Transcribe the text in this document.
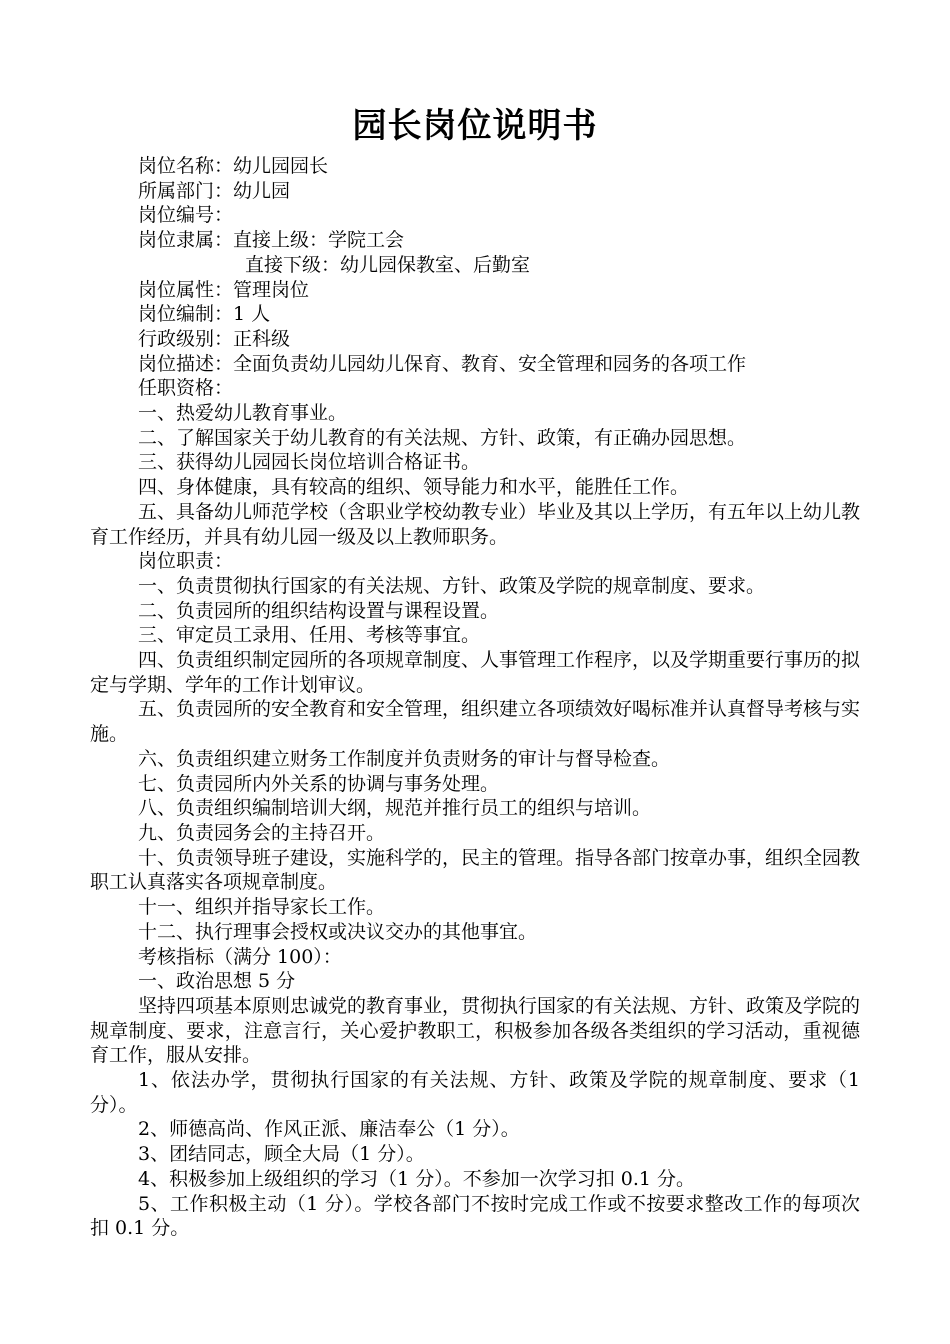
园长岗位说明书
岗位名称：幼儿园园长
所属部门：幼儿园
岗位编号：
岗位隶属：直接上级：学院工会
直接下级：幼儿园保教室、后勤室
岗位属性：管理岗位
岗位编制：1 人
行政级别：正科级
岗位描述：全面负责幼儿园幼儿保育、教育、安全管理和园务的各项工作
任职资格：

一、热爱幼儿教育事业。

二、了解国家关于幼儿教育的有关法规、方针、政策，有正确办园思想。

三、获得幼儿园园长岗位培训合格证书。

四、身体健康，具有较高的组织、领导能力和水平，能胜任工作。

五、具备幼儿师范学校（含职业学校幼教专业）毕业及其以上学历，有五年以上幼儿教育工作经历，并具有幼儿园一级及以上教师职务。

岗位职责：

一、负责贯彻执行国家的有关法规、方针、政策及学院的规章制度、要求。

二、负责园所的组织结构设置与课程设置。

三、审定员工录用、任用、考核等事宜。

四、负责组织制定园所的各项规章制度、人事管理工作程序，以及学期重要行事历的拟定与学期、学年的工作计划审议。

五、负责园所的安全教育和安全管理，组织建立各项绩效好喝标准并认真督导考核与实施。

六、负责组织建立财务工作制度并负责财务的审计与督导检查。

七、负责园所内外关系的协调与事务处理。

八、负责组织编制培训大纲，规范并推行员工的组织与培训。

九、负责园务会的主持召开。

十、负责领导班子建设，实施科学的，民主的管理。指导各部门按章办事，组织全园教职工认真落实各项规章制度。

十一、组织并指导家长工作。

十二、执行理事会授权或决议交办的其他事宜。

考核指标（满分 100）：
一、政治思想 5 分

坚持四项基本原则忠诚党的教育事业，贯彻执行国家的有关法规、方针、政策及学院的规章制度、要求，注意言行，关心爱护教职工，积极参加各级各类组织的学习活动，重视德育工作，服从安排。

1、依法办学，贯彻执行国家的有关法规、方针、政策及学院的规章制度、要求（1 分）。

2、师德高尚、作风正派、廉洁奉公（1 分）。

3、团结同志，顾全大局（1 分）。

4、积极参加上级组织的学习（1 分）。不参加一次学习扣 0.1 分。

5、工作积极主动（1 分）。学校各部门不按时完成工作或不按要求整改工作的每项次扣 0.1 分。
